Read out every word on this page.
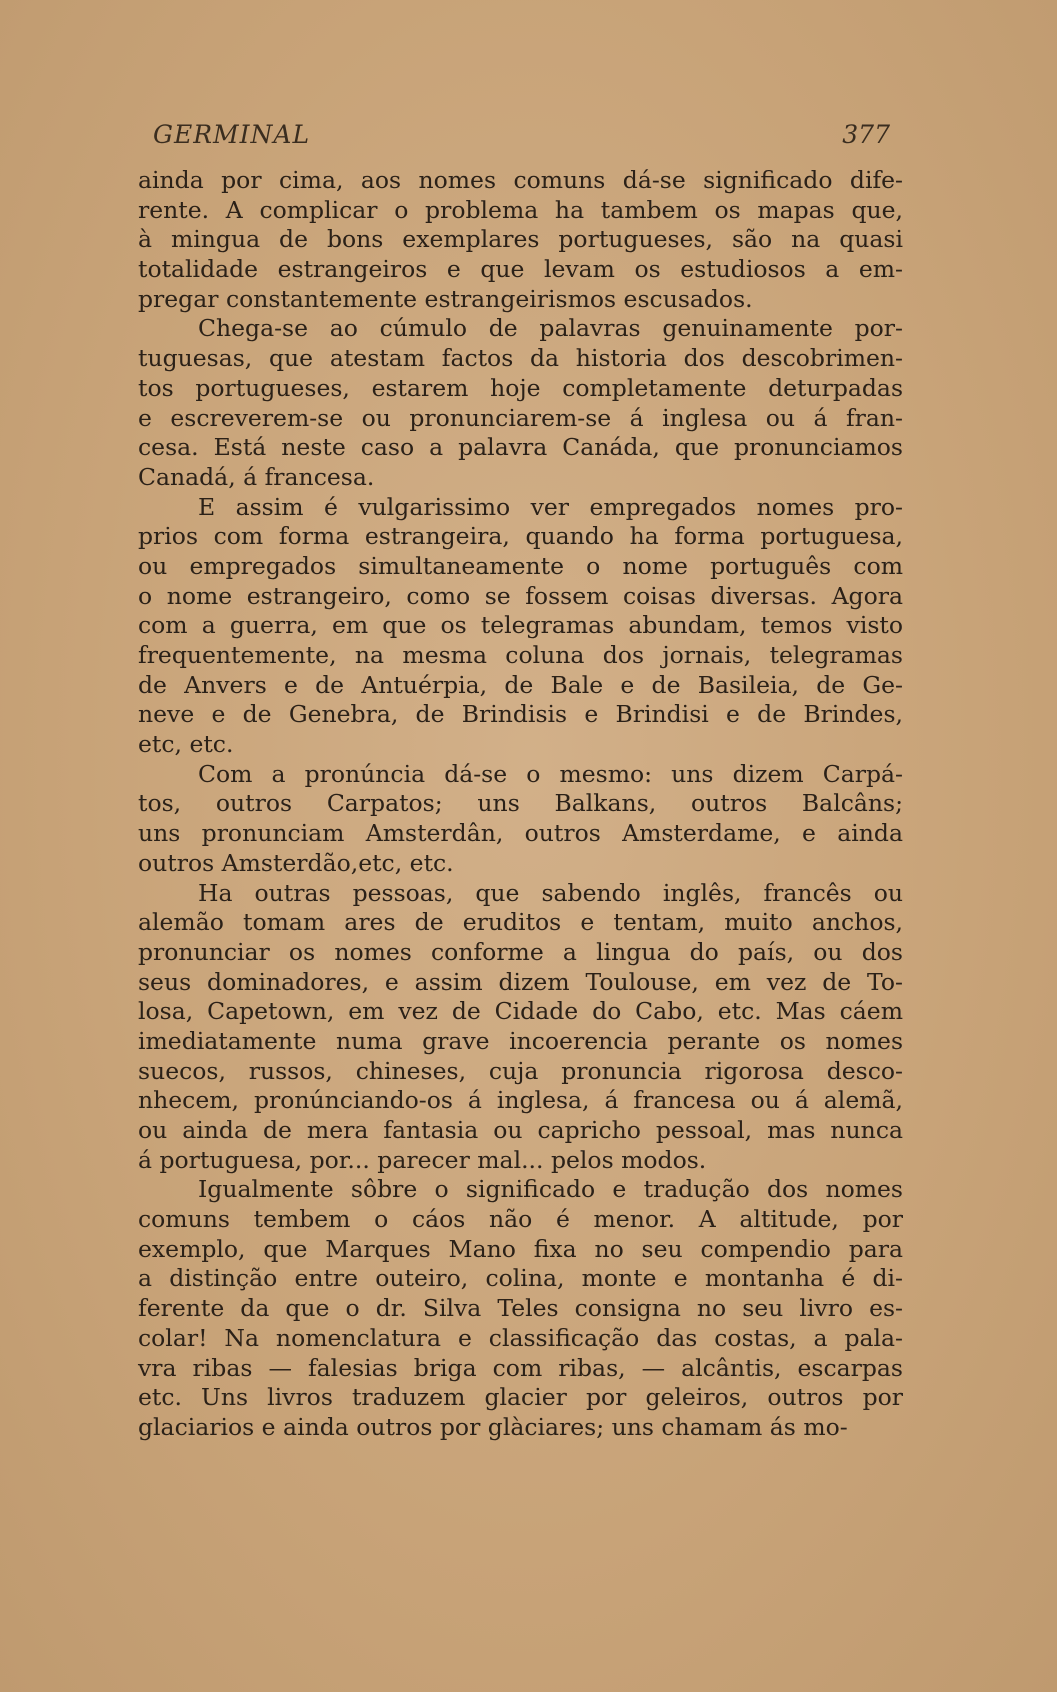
GERMINAL	377
ainda por cima, aos nomes comuns dá-se significado dife-
rente. A complicar o problema ha tambem os mapas que,
à mingua de bons exemplares portugueses, são na quasi
totalidade estrangeiros e que levam os estudiosos a em-
pregar constantemente estrangeirismos escusados.
Chega-se ao cúmulo de palavras genuinamente por-
tuguesas, que atestam factos da historia dos descobrimen-
tos portugueses, estarem hoje completamente deturpadas
e escreverem-se ou pronunciarem-se á inglesa ou á fran-
cesa. Está neste caso a palavra Canáda, que pronunciamos
Canadá, á francesa.
E assim é vulgarissimo ver empregados nomes pro-
prios com forma estrangeira, quando ha forma portuguesa,
ou empregados simultaneamente o nome português com
o nome estrangeiro, como se fossem coisas diversas. Agora
com a guerra, em que os telegramas abundam, temos visto
frequentemente, na mesma coluna dos jornais, telegramas
de Anvers e de Antuérpia, de Bale e de Basileia, de Ge-
neve e de Genebra, de Brindisis e Brindisi e de Brindes,
etc, etc.
Com a pronúncia dá-se o mesmo: uns dizem Carpá-
tos, outros Carpatos; uns Balkans, outros Balcâns;
uns pronunciam Amsterdân, outros Amsterdame, e ainda
outros Amsterdão,etc, etc.
Ha outras pessoas, que sabendo inglês, francês ou
alemão tomam ares de eruditos e tentam, muito anchos,
pronunciar os nomes conforme a lingua do país, ou dos
seus dominadores, e assim dizem Toulouse, em vez de To-
losa, Capetown, em vez de Cidade do Cabo, etc. Mas cáem
imediatamente numa grave incoerencia perante os nomes
suecos, russos, chineses, cuja pronuncia rigorosa desco-
nhecem, pronúnciando-os á inglesa, á francesa ou á alemã,
ou ainda de mera fantasia ou capricho pessoal, mas nunca
á portuguesa, por... parecer mal... pelos modos.
Igualmente sôbre o significado e tradução dos nomes
comuns tembem o cáos não é menor. A altitude, por
exemplo, que Marques Mano fixa no seu compendio para
a distinção entre outeiro, colina, monte e montanha é di-
ferente da que o dr. Silva Teles consigna no seu livro es-
colar! Na nomenclatura e classificação das costas, a pala-
vra ribas — falesias briga com ribas, — alcântis, escarpas
etc. Uns livros traduzem glacier por geleiros, outros por
glaciarios e ainda outros por glàciares; uns chamam ás mo-
